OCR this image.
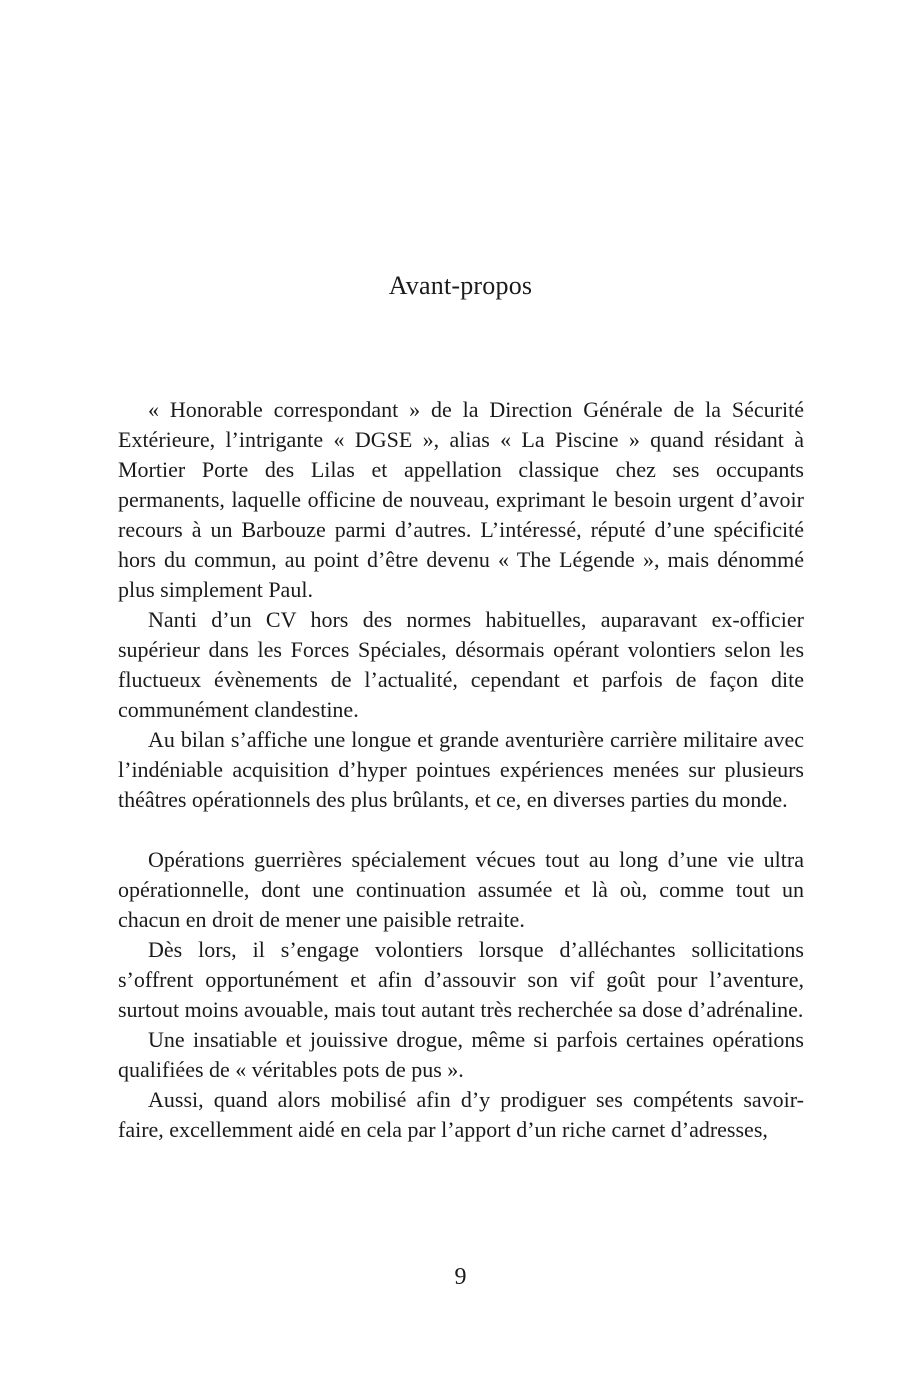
Avant-propos

« Honorable correspondant » de la Direction Générale de la Sécurité Extérieure, l’intrigante « DGSE », alias « La Piscine » quand résidant à Mortier Porte des Lilas et appellation classique chez ses occupants permanents, laquelle officine de nouveau, exprimant le besoin urgent d’avoir recours à un Barbouze parmi d’autres. L’intéressé, réputé d’une spécificité hors du commun, au point d’être devenu « The Légende », mais dénommé plus simplement Paul.

Nanti d’un CV hors des normes habituelles, auparavant ex-officier supérieur dans les Forces Spéciales, désormais opérant volontiers selon les fluctueux évènements de l’actualité, cependant et parfois de façon dite communément clandestine.

Au bilan s’affiche une longue et grande aventurière carrière militaire avec l’indéniable acquisition d’hyper pointues expériences menées sur plusieurs théâtres opérationnels des plus brûlants, et ce, en diverses parties du monde.

Opérations guerrières spécialement vécues tout au long d’une vie ultra opérationnelle, dont une continuation assumée et là où, comme tout un chacun en droit de mener une paisible retraite.

Dès lors, il s’engage volontiers lorsque d’alléchantes sollicitations s’offrent opportunément et afin d’assouvir son vif goût pour l’aventure, surtout moins avouable, mais tout autant très recherchée sa dose d’adrénaline.

Une insatiable et jouissive drogue, même si parfois certaines opérations qualifiées de « véritables pots de pus ».

Aussi, quand alors mobilisé afin d’y prodiguer ses compétents savoir-faire, excellemment aidé en cela par l’apport d’un riche carnet d’adresses,

9
